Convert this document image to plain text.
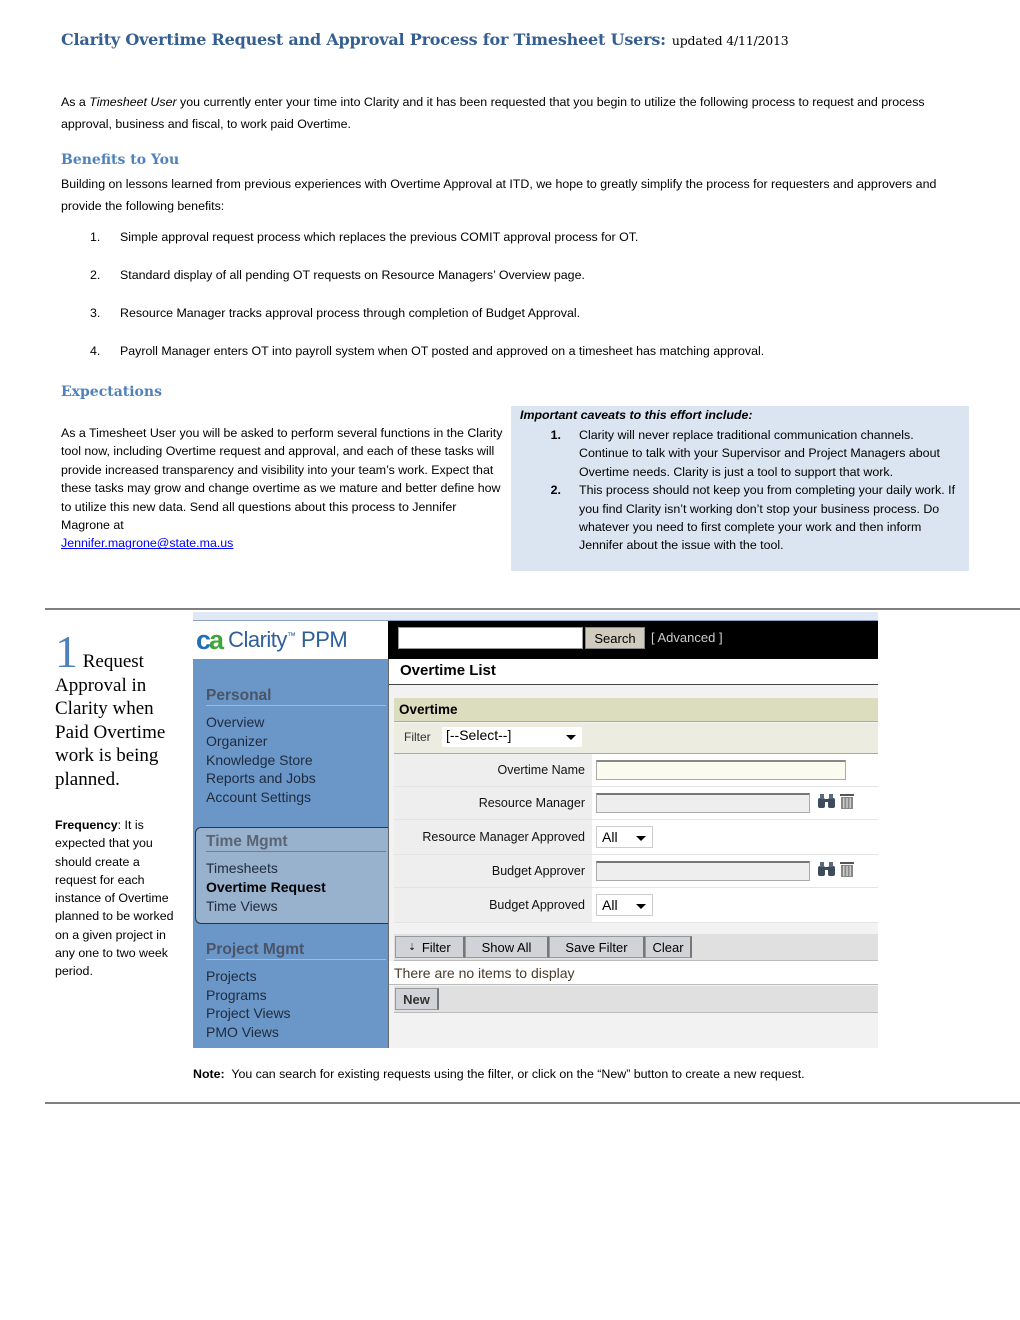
Clarity Overtime Request and Approval Process for Timesheet Users: updated 4/11/2013
As a Timesheet User you currently enter your time into Clarity and it has been requested that you begin to utilize the following process to request and process approval, business and fiscal, to work paid Overtime.
Benefits to You
Building on lessons learned from previous experiences with Overtime Approval at ITD, we hope to greatly simplify the process for requesters and approvers and provide the following benefits:
1.	Simple approval request process which replaces the previous COMIT approval process for OT.
2.	Standard display of all pending OT requests on Resource Managers’ Overview page.
3.	Resource Manager tracks approval process through completion of Budget Approval.
4.	Payroll Manager enters OT into payroll system when OT posted and approved on a timesheet has matching approval.
Expectations
As a Timesheet User you will be asked to perform several functions in the Clarity tool now, including Overtime request and approval, and each of these tasks will provide increased transparency and visibility into your team’s work. Expect that these tasks may grow and change overtime as we mature and better define how to utilize this new data. Send all questions about this process to Jennifer Magrone at
Jennifer.magrone@state.ma.us
Important caveats to this effort include:
1.	Clarity will never replace traditional communication channels. Continue to talk with your Supervisor and Project Managers about Overtime needs. Clarity is just a tool to support that work.
2.	This process should not keep you from completing your daily work. If you find Clarity isn’t working don’t stop your business process. Do whatever you need to first complete your work and then inform Jennifer about the issue with the tool.
1 Request
Approval in Clarity when Paid Overtime work is being planned.
Frequency: It is expected that you should create a request for each instance of Overtime planned to be worked on a given project in any one to two week period.
ca Clarity™ PPM	Search	[ Advanced ]
Personal
Overview
Organizer
Knowledge Store
Reports and Jobs
Account Settings
Time Mgmt
Timesheets
Overtime Request
Time Views
Project Mgmt
Projects
Programs
Project Views
PMO Views
Overtime List
Overtime
Filter [--Select--]
Overtime Name
Resource Manager
Resource Manager Approved	All
Budget Approver
Budget Approved	All
⇣ Filter	Show All	Save Filter	Clear
There are no items to display
New
Note:  You can search for existing requests using the filter, or click on the “New” button to create a new request.
